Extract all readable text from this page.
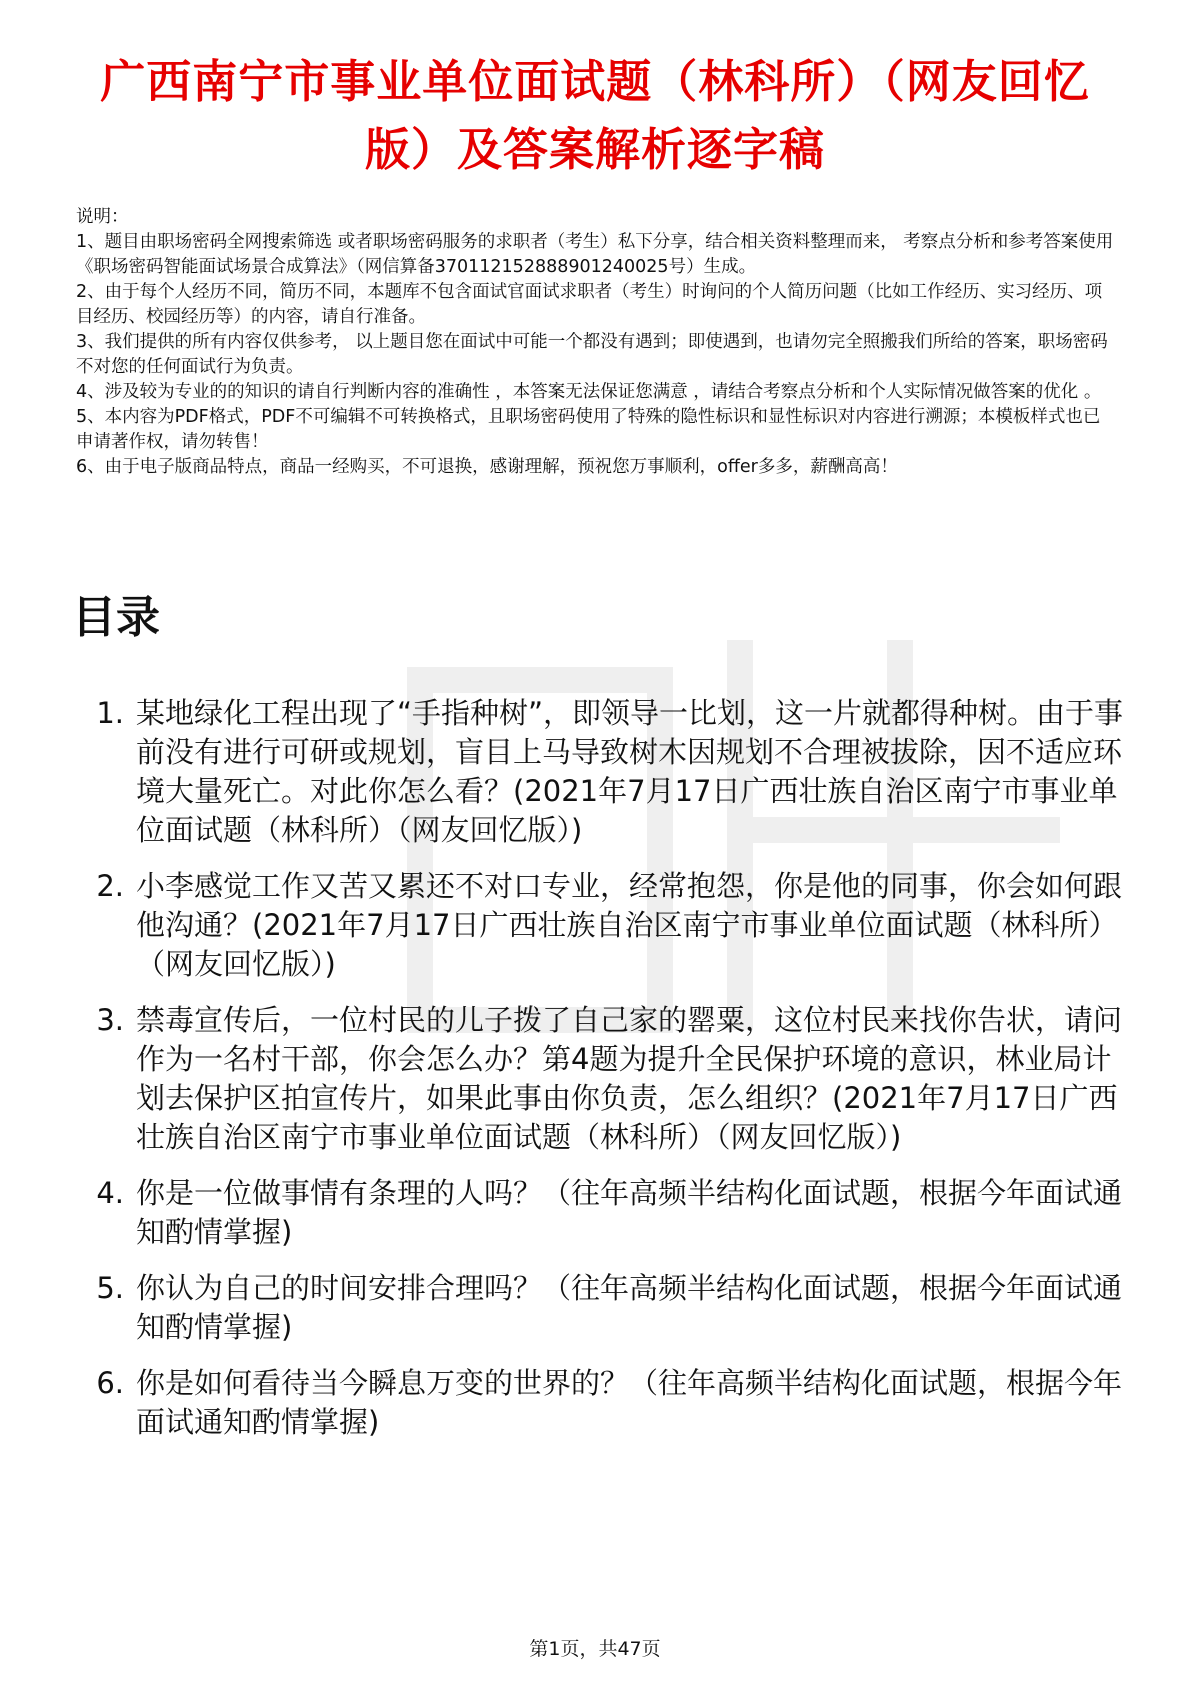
广西南宁市事业单位面试题（林科所）（网友回忆版）及答案解析逐字稿

说明：

1、题目由职场密码全网搜索筛选 或者职场密码服务的求职者（考生）私下分享，结合相关资料整理而来， 考察点分析和参考答案使用《职场密码智能面试场景合成算法》（网信算备370112152888901240025号）生成。

2、由于每个人经历不同，简历不同，本题库不包含面试官面试求职者（考生）时询问的个人简历问题（比如工作经历、实习经历、项目经历、校园经历等）的内容，请自行准备。

3、我们提供的所有内容仅供参考， 以上题目您在面试中可能一个都没有遇到；即使遇到，也请勿完全照搬我们所给的答案，职场密码不对您的任何面试行为负责。

4、涉及较为专业的的知识的请自行判断内容的准确性 ，本答案无法保证您满意 ，请结合考察点分析和个人实际情况做答案的优化 。

5、本内容为PDF格式，PDF不可编辑不可转换格式，且职场密码使用了特殊的隐性标识和显性标识对内容进行溯源；本模板样式也已申请著作权，请勿转售！

6、由于电子版商品特点，商品一经购买，不可退换，感谢理解，预祝您万事顺利，offer多多，薪酬高高！

目录
1. 某地绿化工程出现了“手指种树”，即领导一比划，这一片就都得种树。由于事前没有进行可研或规划，盲目上马导致树木因规划不合理被拔除，因不适应环境大量死亡。对此你怎么看？(2021年7月17日广西壮族自治区南宁市事业单位面试题（林科所）（网友回忆版）)
2. 小李感觉工作又苦又累还不对口专业，经常抱怨，你是他的同事，你会如何跟他沟通？(2021年7月17日广西壮族自治区南宁市事业单位面试题（林科所）（网友回忆版）)
3. 禁毒宣传后，一位村民的儿子拨了自己家的罂粟，这位村民来找你告状，请问作为一名村干部，你会怎么办？第4题为提升全民保护环境的意识，林业局计划去保护区拍宣传片，如果此事由你负责，怎么组织？(2021年7月17日广西壮族自治区南宁市事业单位面试题（林科所）（网友回忆版）)
4. 你是一位做事情有条理的人吗？（往年高频半结构化面试题，根据今年面试通知酌情掌握)
5. 你认为自己的时间安排合理吗？（往年高频半结构化面试题，根据今年面试通知酌情掌握)
6. 你是如何看待当今瞬息万变的世界的？（往年高频半结构化面试题，根据今年面试通知酌情掌握)
第1页，共47页
